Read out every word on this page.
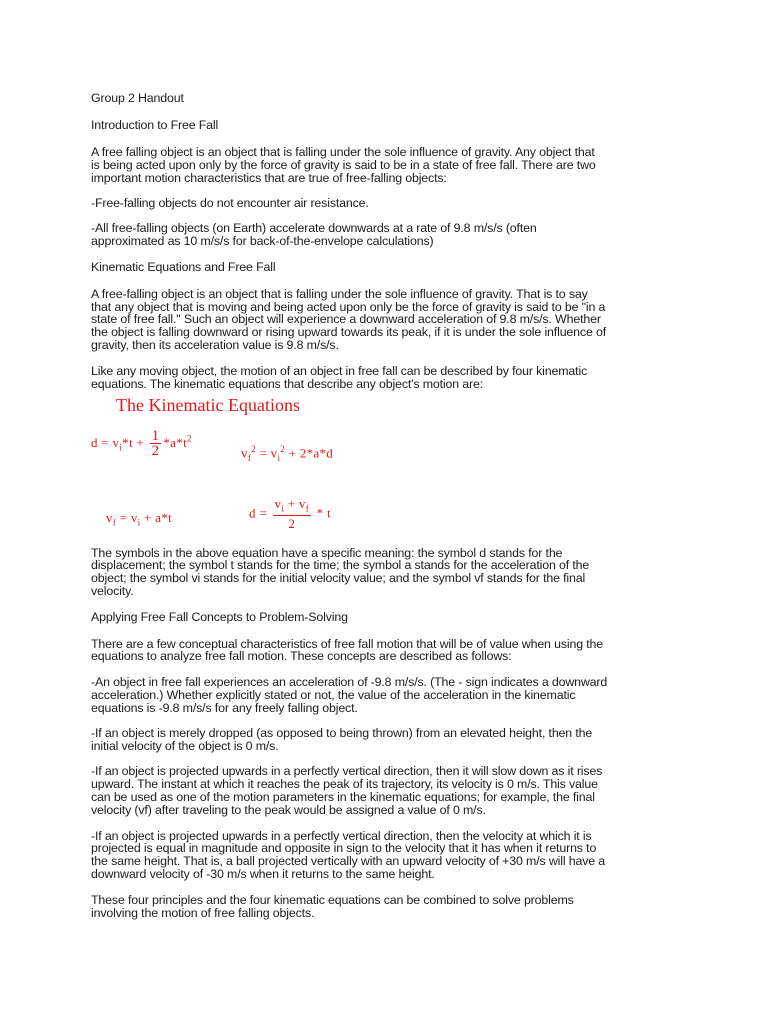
Group 2 Handout
Introduction to Free Fall
A free falling object is an object that is falling under the sole influence of gravity. Any object that
is being acted upon only by the force of gravity is said to be in a state of free fall. There are two
important motion characteristics that are true of free-falling objects:
-Free-falling objects do not encounter air resistance.
-All free-falling objects (on Earth) accelerate downwards at a rate of 9.8 m/s/s (often
approximated as 10 m/s/s for back-of-the-envelope calculations)
Kinematic Equations and Free Fall
A free-falling object is an object that is falling under the sole influence of gravity. That is to say
that any object that is moving and being acted upon only be the force of gravity is said to be "in a
state of free fall." Such an object will experience a downward acceleration of 9.8 m/s/s. Whether
the object is falling downward or rising upward towards its peak, if it is under the sole influence of
gravity, then its acceleration value is 9.8 m/s/s.
Like any moving object, the motion of an object in free fall can be described by four kinematic
equations. The kinematic equations that describe any object's motion are:
The Kinematic Equations
$d = v_i*t + \frac{1}{2} *a*t^2$
$v_f^2 = v_i^2 + 2*a*d$
$v_f = v_i + a*t$	$d = \frac{v_i + v_f}{2} * t$
The symbols in the above equation have a specific meaning: the symbol d stands for the
displacement; the symbol t stands for the time; the symbol a stands for the acceleration of the
object; the symbol vi stands for the initial velocity value; and the symbol vf stands for the final
velocity.
Applying Free Fall Concepts to Problem-Solving
There are a few conceptual characteristics of free fall motion that will be of value when using the
equations to analyze free fall motion. These concepts are described as follows:
-An object in free fall experiences an acceleration of -9.8 m/s/s. (The - sign indicates a downward
acceleration.) Whether explicitly stated or not, the value of the acceleration in the kinematic
equations is -9.8 m/s/s for any freely falling object.
-If an object is merely dropped (as opposed to being thrown) from an elevated height, then the
initial velocity of the object is 0 m/s.
-If an object is projected upwards in a perfectly vertical direction, then it will slow down as it rises
upward. The instant at which it reaches the peak of its trajectory, its velocity is 0 m/s. This value
can be used as one of the motion parameters in the kinematic equations; for example, the final
velocity (vf) after traveling to the peak would be assigned a value of 0 m/s.
-If an object is projected upwards in a perfectly vertical direction, then the velocity at which it is
projected is equal in magnitude and opposite in sign to the velocity that it has when it returns to
the same height. That is, a ball projected vertically with an upward velocity of +30 m/s will have a
downward velocity of -30 m/s when it returns to the same height.
These four principles and the four kinematic equations can be combined to solve problems
involving the motion of free falling objects.
